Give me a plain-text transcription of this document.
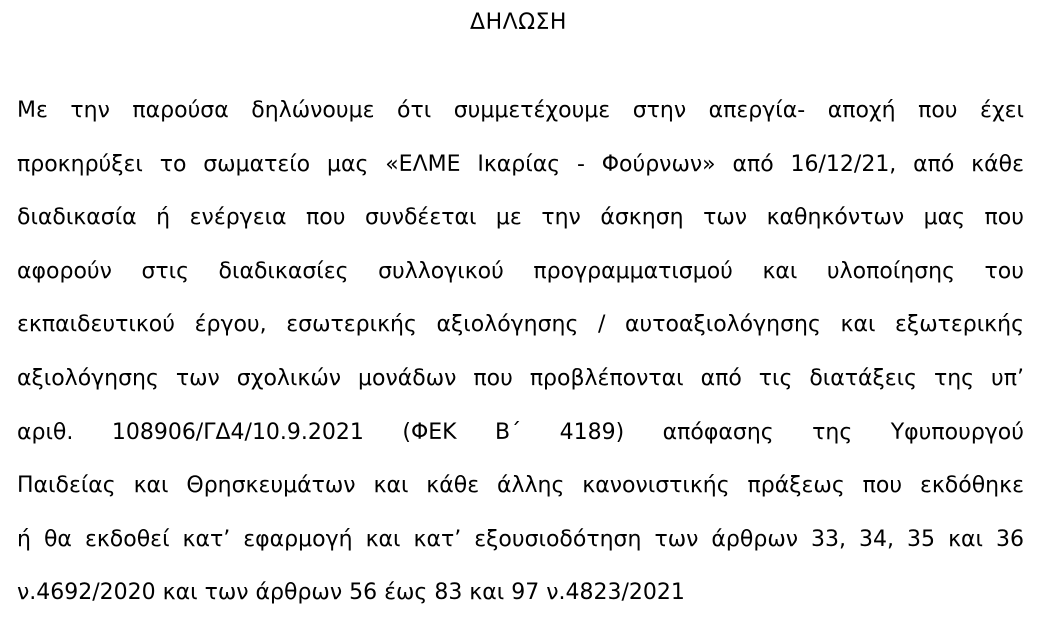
ΔΗΛΩΣΗ
Με την παρούσα δηλώνουμε ότι συμμετέχουμε στην απεργία- αποχή που έχει
προκηρύξει το σωματείο μας «ΕΛΜΕ Ικαρίας - Φούρνων» από 16/12/21, από κάθε
διαδικασία ή ενέργεια που συνδέεται με την άσκηση των καθηκόντων μας που
αφορούν στις διαδικασίες συλλογικού προγραμματισμού και υλοποίησης του
εκπαιδευτικού έργου, εσωτερικής αξιολόγησης / αυτοαξιολόγησης και εξωτερικής
αξιολόγησης των σχολικών μονάδων που προβλέπονται από τις διατάξεις της υπ’
αριθ. 108906/ΓΔ4/10.9.2021 (ΦΕΚ Β΄ 4189) απόφασης της Υφυπουργού
Παιδείας και Θρησκευμάτων και κάθε άλλης κανονιστικής πράξεως που εκδόθηκε
ή θα εκδοθεί κατ’ εφαρμογή και κατ’ εξουσιοδότηση των άρθρων 33, 34, 35 και 36
ν.4692/2020 και των άρθρων 56 έως 83 και 97 ν.4823/2021
